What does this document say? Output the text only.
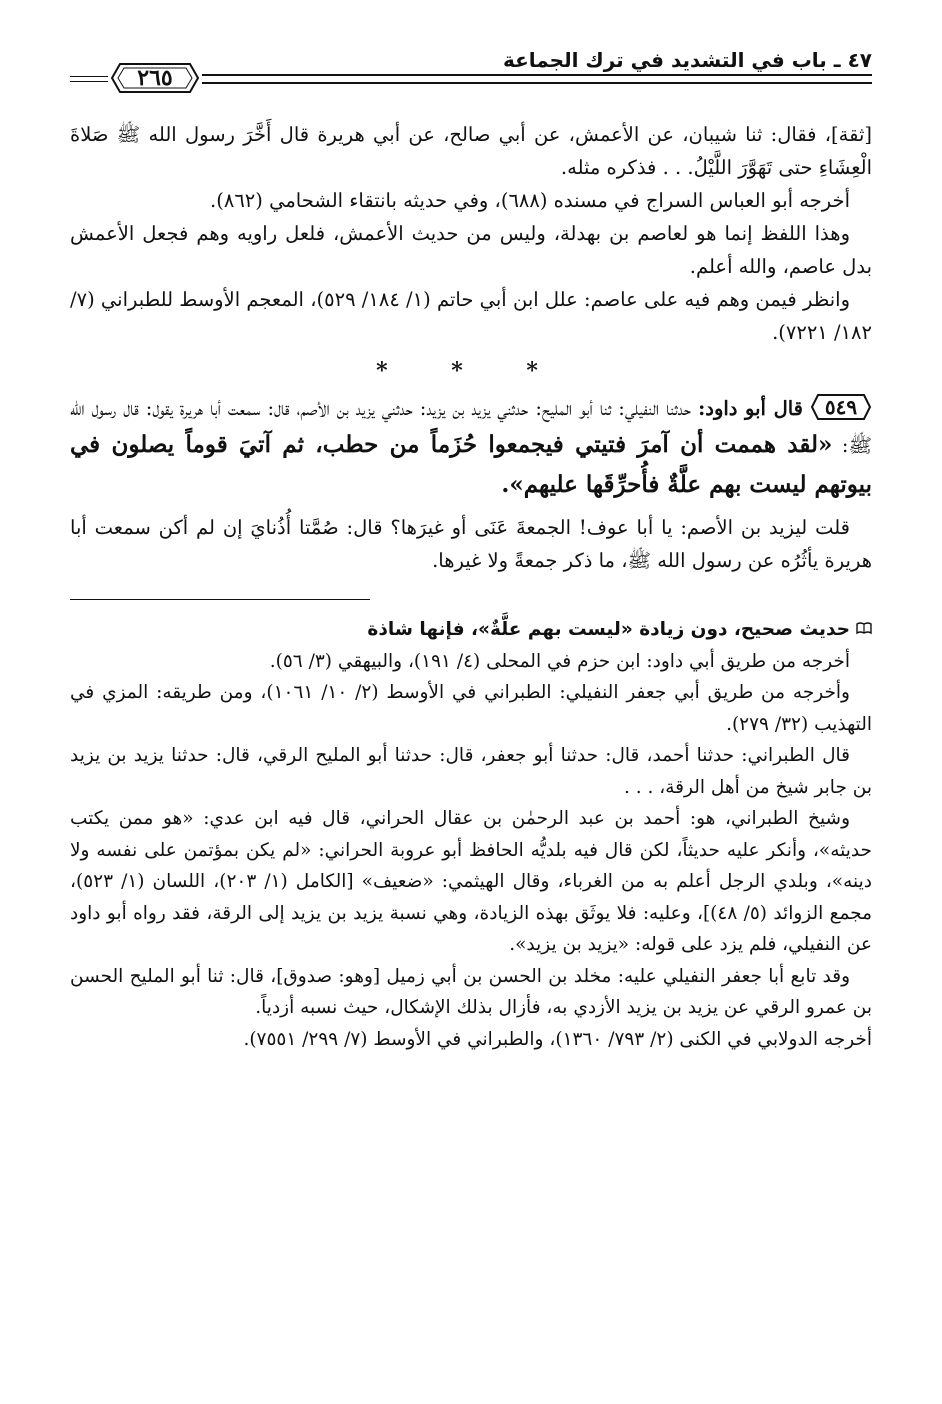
٤٧ ـ باب في التشديد في ترك الجماعة
٢٦٥

[ثقة]، فقال: ثنا شيبان، عن الأعمش، عن أبي صالح، عن أبي هريرة قال أَخَّرَ رسول الله ﷺ صَلاةَ الْعِشَاءِ حتى تَهَوَّرَ اللَّيْلُ. . . فذكره مثله.

أخرجه أبو العباس السراج في مسنده (٦٨٨)، وفي حديثه بانتقاء الشحامي (٨٦٢).

وهذا اللفظ إنما هو لعاصم بن بهدلة، وليس من حديث الأعمش، فلعل راويه وهم فجعل الأعمش بدل عاصم، والله أعلم.

وانظر فيمن وهم فيه على عاصم: علل ابن أبي حاتم (١/ ١٨٤/ ٥٢٩)، المعجم الأوسط للطبراني (٧/ ١٨٢/ ٧٢٢١).

* * *

٥٤٩
قال أبو داود: حدثنا النفيلي: ثنا أبو المليح: حدثني يزيد بن يزيد: حدثني يزيد بن الأصم، قال: سمعت أبا هريرة يقول: قال رسول الله ﷺ: «لقد هممت أن آمرَ فتيتي فيجمعوا حُزَماً من حطب، ثم آتيَ قوماً يصلون في بيوتهم ليست بهم علَّةٌ فأُحرِّقَها عليهم».

قلت ليزيد بن الأصم: يا أبا عوف! الجمعةَ عَنَى أو غيرَها؟ قال: صُمَّتا أُذُنايَ إن لم أكن سمعت أبا هريرة يأثُرُه عن رسول الله ﷺ، ما ذكر جمعةً ولا غيرها.

حديث صحيح، دون زيادة «ليست بهم علَّةٌ»، فإنها شاذة

أخرجه من طريق أبي داود: ابن حزم في المحلى (٤/ ١٩١)، والبيهقي (٣/ ٥٦).

وأخرجه من طريق أبي جعفر النفيلي: الطبراني في الأوسط (٢/ ١٠/ ١٠٦١)، ومن طريقه: المزي في التهذيب (٣٢/ ٢٧٩).

قال الطبراني: حدثنا أحمد، قال: حدثنا أبو جعفر، قال: حدثنا أبو المليح الرقي، قال: حدثنا يزيد بن يزيد بن جابر شيخ من أهل الرقة، . . .

وشيخ الطبراني، هو: أحمد بن عبد الرحمٰن بن عقال الحراني، قال فيه ابن عدي: «هو ممن يكتب حديثه»، وأنكر عليه حديثاً، لكن قال فيه بلديُّه الحافظ أبو عروبة الحراني: «لم يكن بمؤتمن على نفسه ولا دينه»، وبلدي الرجل أعلم به من الغرباء، وقال الهيثمي: «ضعيف» [الكامل (١/ ٢٠٣)، اللسان (١/ ٥٢٣)، مجمع الزوائد (٥/ ٤٨)]، وعليه: فلا يوثَق بهذه الزيادة، وهي نسبة يزيد بن يزيد إلى الرقة، فقد رواه أبو داود عن النفيلي، فلم يزد على قوله: «يزيد بن يزيد».

وقد تابع أبا جعفر النفيلي عليه: مخلد بن الحسن بن أبي زميل [وهو: صدوق]، قال: ثنا أبو المليح الحسن بن عمرو الرقي عن يزيد بن يزيد الأزدي به، فأزال بذلك الإشكال، حيث نسبه أزدياً.

أخرجه الدولابي في الكنى (٢/ ٧٩٣/ ١٣٦٠)، والطبراني في الأوسط (٧/ ٢٩٩/ ٧٥٥١).
